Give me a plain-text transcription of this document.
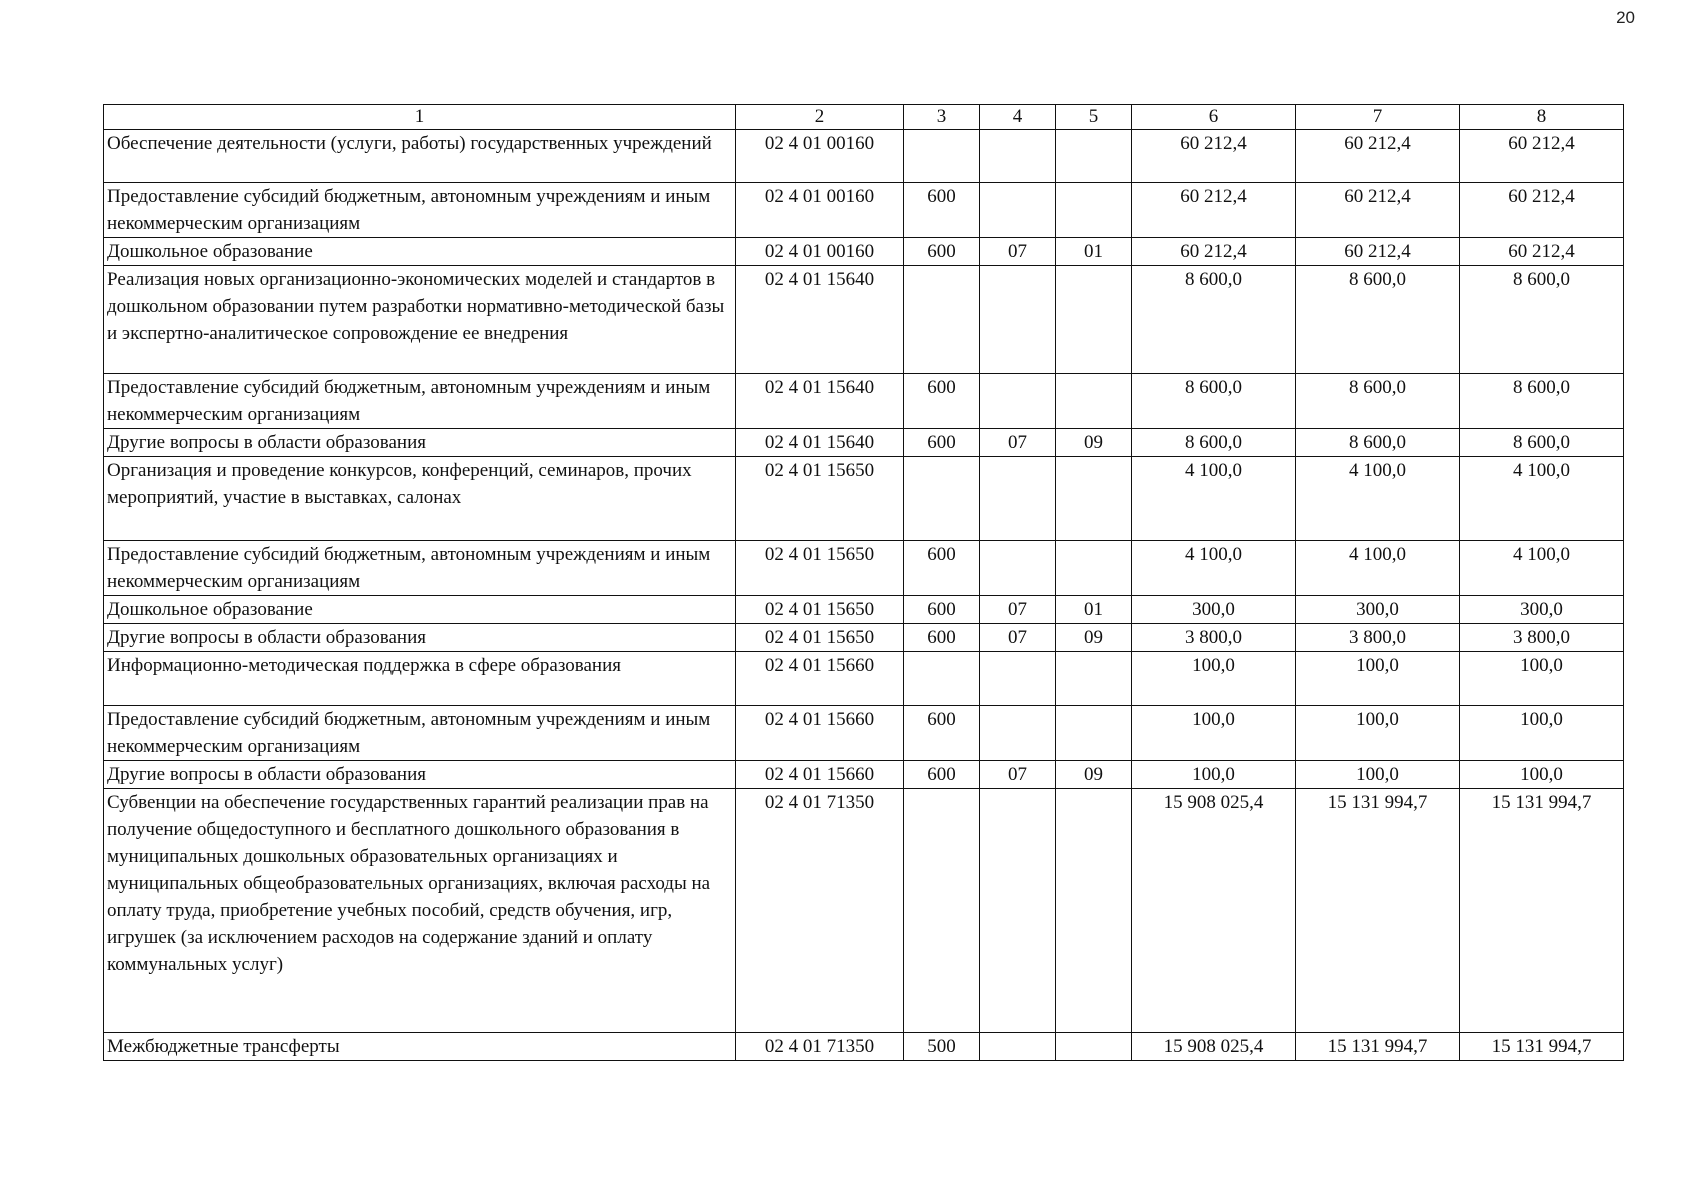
20
1	2	3	4	5	6	7	8
Обеспечение деятельности (услуги, работы) государственных учреждений	02 4 01 00160				60 212,4	60 212,4	60 212,4
Предоставление субсидий бюджетным, автономным учреждениям и иным некоммерческим организациям	02 4 01 00160	600			60 212,4	60 212,4	60 212,4
Дошкольное образование	02 4 01 00160	600	07	01	60 212,4	60 212,4	60 212,4
Реализация новых организационно-экономических моделей и стандартов в дошкольном образовании путем разработки нормативно-методической базы и экспертно-аналитическое сопровождение ее внедрения	02 4 01 15640				8 600,0	8 600,0	8 600,0
Предоставление субсидий бюджетным, автономным учреждениям и иным некоммерческим организациям	02 4 01 15640	600			8 600,0	8 600,0	8 600,0
Другие вопросы в области образования	02 4 01 15640	600	07	09	8 600,0	8 600,0	8 600,0
Организация и проведение конкурсов, конференций, семинаров, прочих мероприятий, участие в выставках, салонах	02 4 01 15650				4 100,0	4 100,0	4 100,0
Предоставление субсидий бюджетным, автономным учреждениям и иным некоммерческим организациям	02 4 01 15650	600			4 100,0	4 100,0	4 100,0
Дошкольное образование	02 4 01 15650	600	07	01	300,0	300,0	300,0
Другие вопросы в области образования	02 4 01 15650	600	07	09	3 800,0	3 800,0	3 800,0
Информационно-методическая поддержка в сфере образования	02 4 01 15660				100,0	100,0	100,0
Предоставление субсидий бюджетным, автономным учреждениям и иным некоммерческим организациям	02 4 01 15660	600			100,0	100,0	100,0
Другие вопросы в области образования	02 4 01 15660	600	07	09	100,0	100,0	100,0
Субвенции на обеспечение государственных гарантий реализации прав на получение общедоступного и бесплатного дошкольного образования в муниципальных дошкольных образовательных организациях и муниципальных общеобразовательных организациях, включая расходы на оплату труда, приобретение учебных пособий, средств обучения, игр, игрушек (за исключением расходов на содержание зданий и оплату коммунальных услуг)	02 4 01 71350				15 908 025,4	15 131 994,7	15 131 994,7
Межбюджетные трансферты	02 4 01 71350	500			15 908 025,4	15 131 994,7	15 131 994,7
